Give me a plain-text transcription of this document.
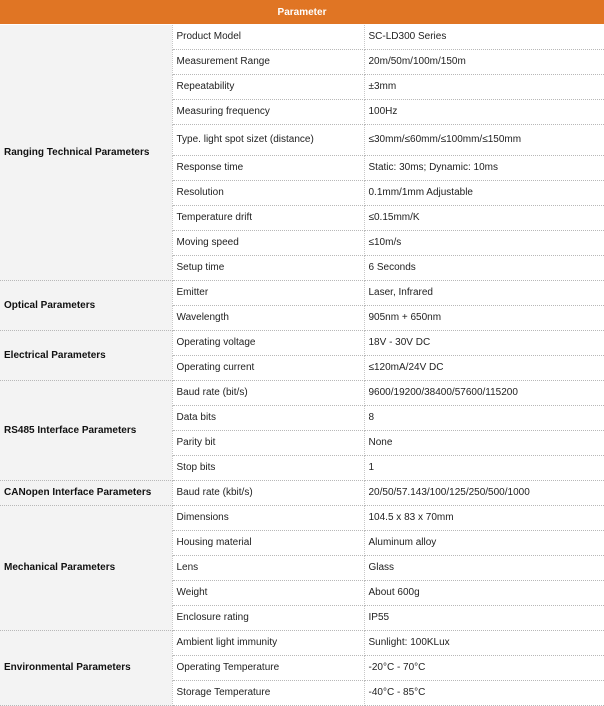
Parameter		
Ranging Technical Parameters	Product Model	SC-LD300 Series
	Measurement Range	20m/50m/100m/150m
	Repeatability	±3mm
	Measuring frequency	100Hz
	Type. light spot sizet (distance)	≤30mm/≤60mm/≤100mm/≤150mm
	Response time	Static: 30ms; Dynamic: 10ms
	Resolution	0.1mm/1mm Adjustable
	Temperature drift	≤0.15mm/K
	Moving speed	≤10m/s
	Setup time	6 Seconds
Optical Parameters	Emitter	Laser, Infrared
	Wavelength	905nm + 650nm
Electrical Parameters	Operating voltage	18V - 30V DC
	Operating current	≤120mA/24V DC
RS485 Interface Parameters	Baud rate (bit/s)	9600/19200/38400/57600/115200
	Data bits	8
	Parity bit	None
	Stop bits	1
CANopen Interface Parameters	Baud rate (kbit/s)	20/50/57.143/100/125/250/500/1000
Mechanical Parameters	Dimensions	104.5 x 83 x 70mm
	Housing material	Aluminum alloy
	Lens	Glass
	Weight	About 600g
	Enclosure rating	IP55
Environmental Parameters	Ambient light immunity	Sunlight: 100KLux
	Operating Temperature	-20°C - 70°C
	Storage Temperature	-40°C - 85°C
